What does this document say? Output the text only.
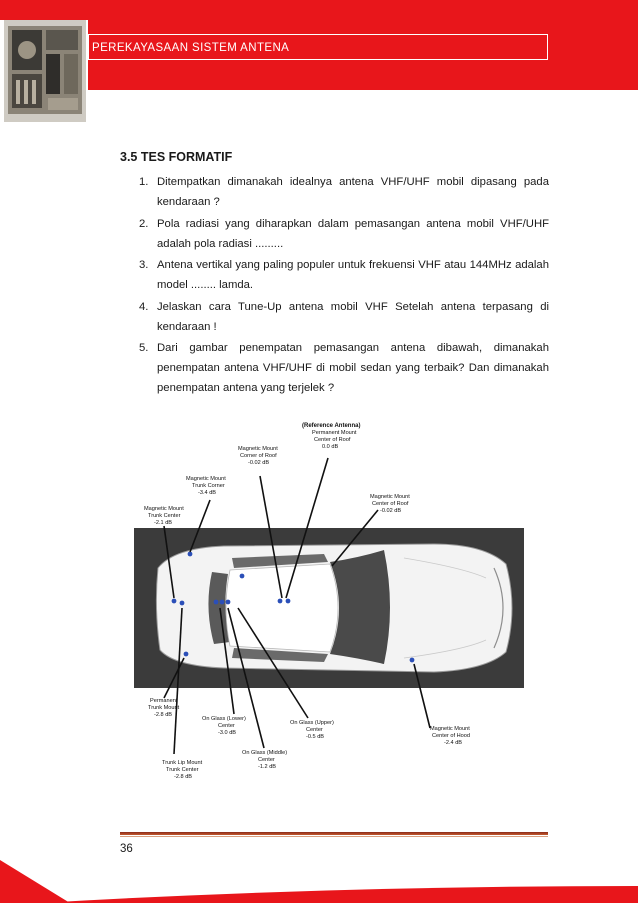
PEREKAYASAAN SISTEM ANTENA
3.5 TES FORMATIF
1. Ditempatkan dimanakah idealnya antena VHF/UHF mobil dipasang pada kendaraan ?
2. Pola radiasi yang diharapkan dalam pemasangan antena mobil VHF/UHF adalah pola radiasi .........
3. Antena vertikal yang paling populer untuk frekuensi VHF atau 144MHz adalah model ........ lamda.
4. Jelaskan cara Tune-Up antena mobil VHF Setelah antena terpasang di kendaraan !
5. Dari gambar penempatan pemasangan antena dibawah, dimanakah penempatan antena VHF/UHF di mobil sedan yang terbaik? Dan dimanakah penempatan antena yang terjelek ?
(Reference Antenna)
Permanent Mount
Center of Roof
0.0 dB
Magnetic Mount
Corner of Roof
-0.02 dB
Magnetic Mount
Trunk Corner
-3.4 dB
Magnetic Mount
Center of Roof
-0.02 dB
Magnetic Mount
Trunk Center
-2.1 dB
Permanent
Trunk Mount
-2.8 dB
On Glass (Lower)
Center
-3.0 dB
On Glass (Upper)
Center
-0.5 dB
Magnetic Mount
Center of Hood
-2.4 dB
On Glass (Middle)
Center
-1.2 dB
Trunk Lip Mount
Trunk Center
-2.8 dB
36
